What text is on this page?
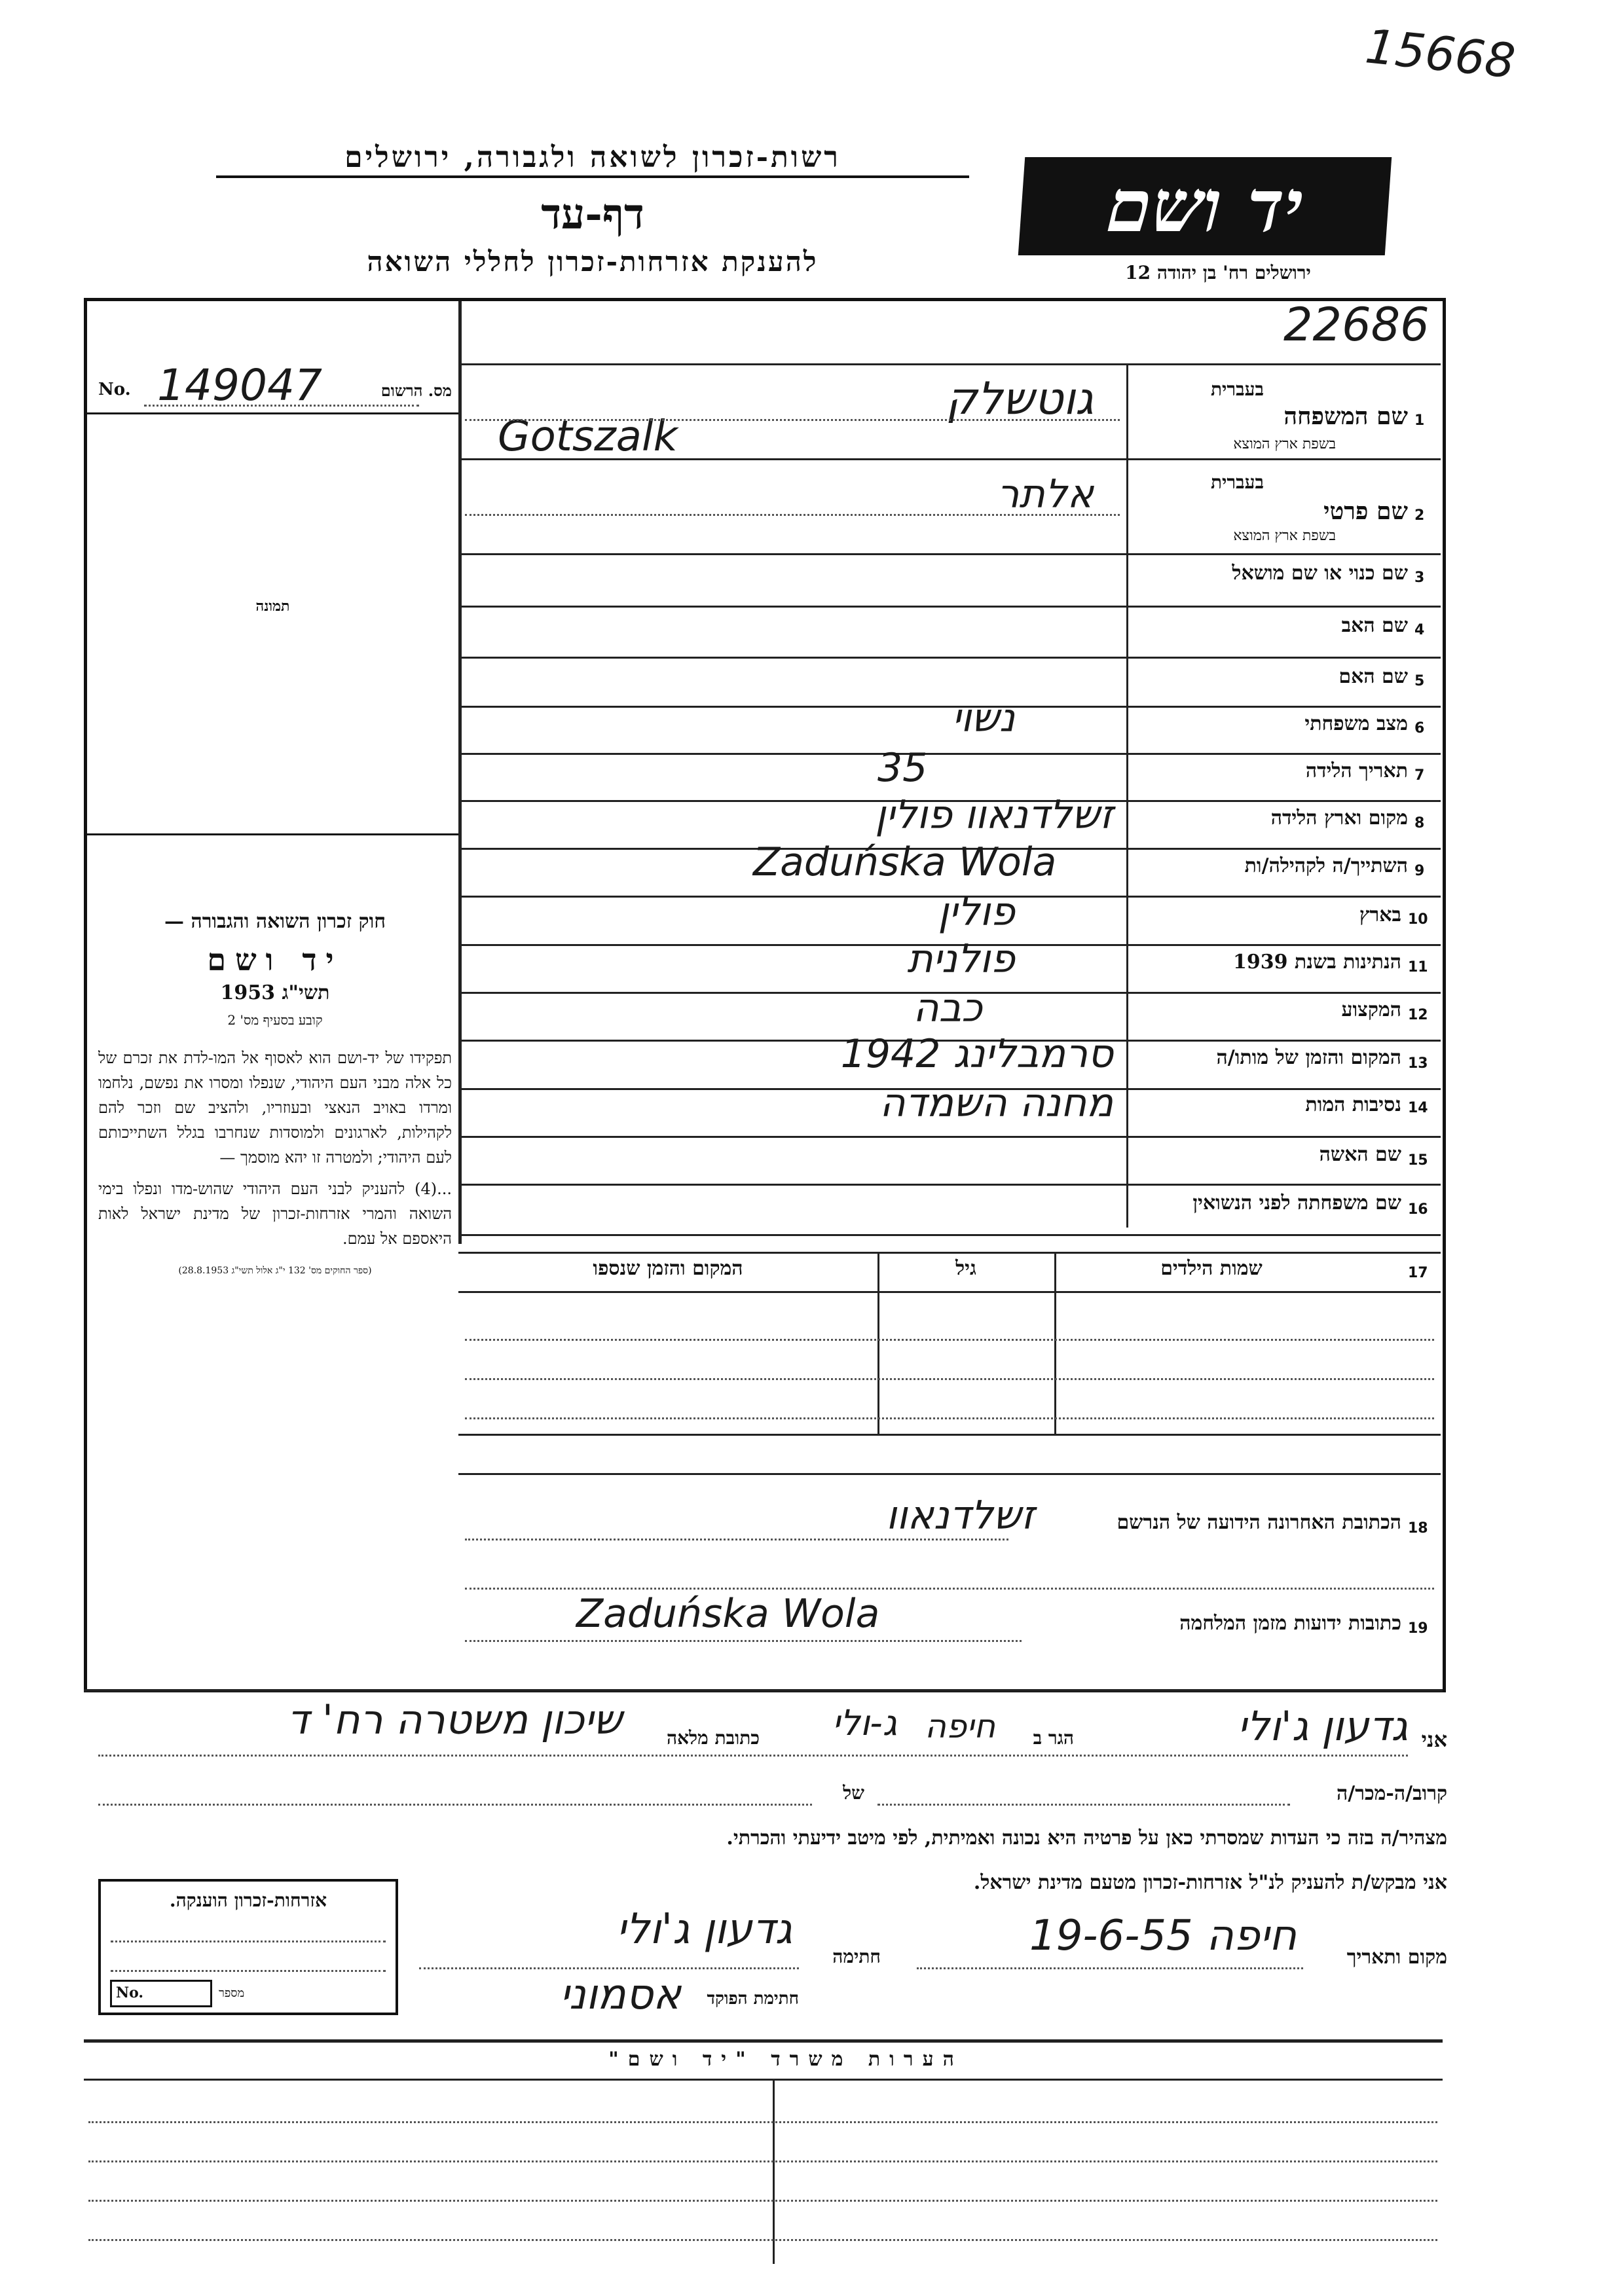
15668
רשות-זכרון לשואה ולגבורה, ירושלים
דף-עד
להענקת אזרחות-זכרון לחללי השואה
יד ושם
ירושלים רח' בן יהודה 12
22686
No. 149047	מס. הרשום
תמונה
חוק זכרון השואה והגבורה —
יד ושם
תשי"ג 1953
קובע בסעיף מס' 2
תפקידו של יד-ושם הוא לאסוף אל המו-לדת את זכרם של כל אלה מבני העם היהודי, שנפלו ומסרו את נפשם, נלחמו ומרדו באויב הנאצי ובעוזריו, ולהציב שם וזכר להם לקהילות, לארגונים ולמוסדות שנחרבו בגלל השתייכותם לעם היהודי; ולמטרה זו יהא מוסמך —
...(4) להעניק לבני העם היהודי שהוש-מדו ונפלו בימי השואה והמרי אזרחות-זכרון של מדינת ישראל לאות היאספם אל עמם.
(ספר החוקים מס' 132 י"ג אלול תשי"ג 28.8.1953)
1
שם המשפחה
בעברית
בשפת ארץ המוצא
גוטשלק
Gotszalk
2
שם פרטי
בעברית
בשפת ארץ המוצא
אלתר
3
שם כנוי או שם מושאל
4
שם האב
5
שם האם
6
מצב משפחתי
נשוי
7
תאריך הלידה
35
8
מקום וארץ הלידה
זשלדנאוו פולין
9
השתייך/ה לקהילה/ות
Zaduńska Wola
10
בארץ
פולין
11
הנתינות בשנת 1939
פולנית
12
המקצוע
כבה
13
המקום והזמן של מותו/ה
סרמבלינג 1942
14
נסיבות המות
מחנה השמדה
15
שם האשה
16
שם משפחתה לפני הנשואין
17
שמות הילדים
גיל
המקום והזמן שנספו
18
הכתובת האחרונה הידועה של הנרשם
זשלדנאוו
19
כתובות ידועות מזמן המלחמה
Zaduńska Wola
אני
גדעון ג'ולי
הגר ב
חיפה
ג-ולי
כתובת מלאה
שיכון משטרה רח' ד
קרוב/ה-מכר/ה
של
מצהיר/ה בזה כי העדות שמסרתי כאן על פרטיה היא נכונה ואמיתית, לפי מיטב ידיעתי והכרתי.
אני מבקש/ת להעניק לנ"ל אזרחות-זכרון מטעם מדינת ישראל.
מקום ותאריך
חיפה 19-6-55
חתימה
גדעון ג'ולי
חתימת הפוקד
אסמוני
אזרחות-זכרון הוענקה.
No.	מספר
הערות משרד "יד ושם"
